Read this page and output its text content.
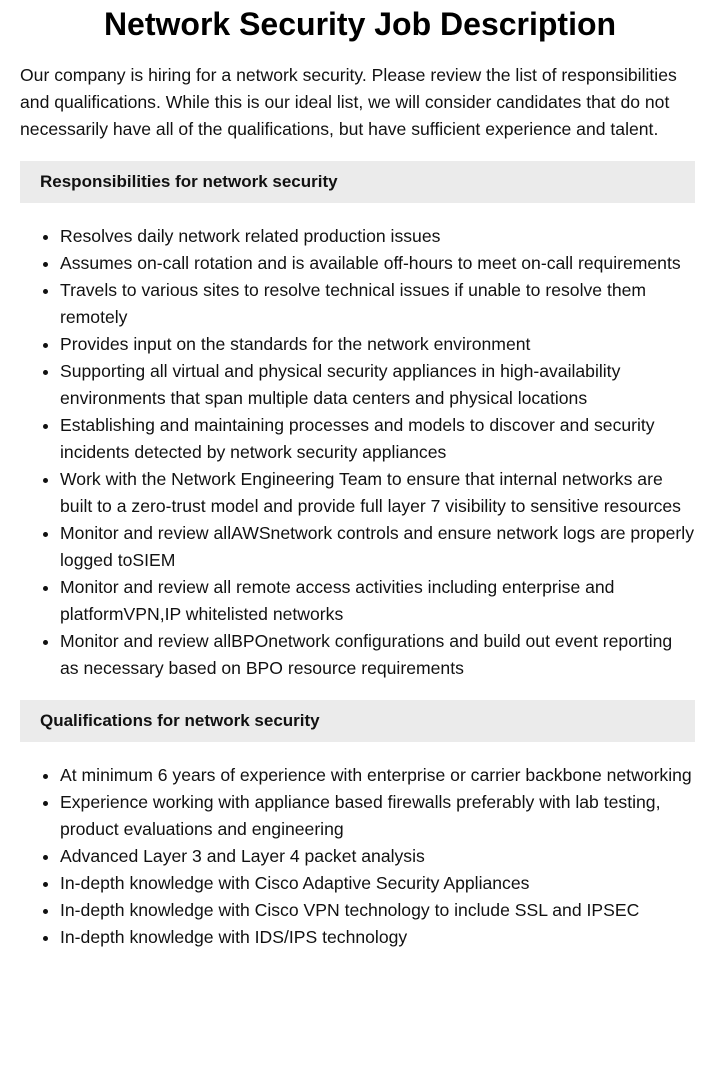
Network Security Job Description

Our company is hiring for a network security. Please review the list of responsibilities and qualifications. While this is our ideal list, we will consider candidates that do not necessarily have all of the qualifications, but have sufficient experience and talent.

Responsibilities for network security
• Resolves daily network related production issues
• Assumes on-call rotation and is available off-hours to meet on-call requirements
• Travels to various sites to resolve technical issues if unable to resolve them remotely
• Provides input on the standards for the network environment
• Supporting all virtual and physical security appliances in high-availability environments that span multiple data centers and physical locations
• Establishing and maintaining processes and models to discover and security incidents detected by network security appliances
• Work with the Network Engineering Team to ensure that internal networks are built to a zero-trust model and provide full layer 7 visibility to sensitive resources
• Monitor and review allAWSnetwork controls and ensure network logs are properly logged toSIEM
• Monitor and review all remote access activities including enterprise and platformVPN,IP whitelisted networks
• Monitor and review allBPOnetwork configurations and build out event reporting as necessary based on BPO resource requirements
Qualifications for network security
• At minimum 6 years of experience with enterprise or carrier backbone networking
• Experience working with appliance based firewalls preferably with lab testing, product evaluations and engineering
• Advanced Layer 3 and Layer 4 packet analysis
• In-depth knowledge with Cisco Adaptive Security Appliances
• In-depth knowledge with Cisco VPN technology to include SSL and IPSEC
• In-depth knowledge with IDS/IPS technology
